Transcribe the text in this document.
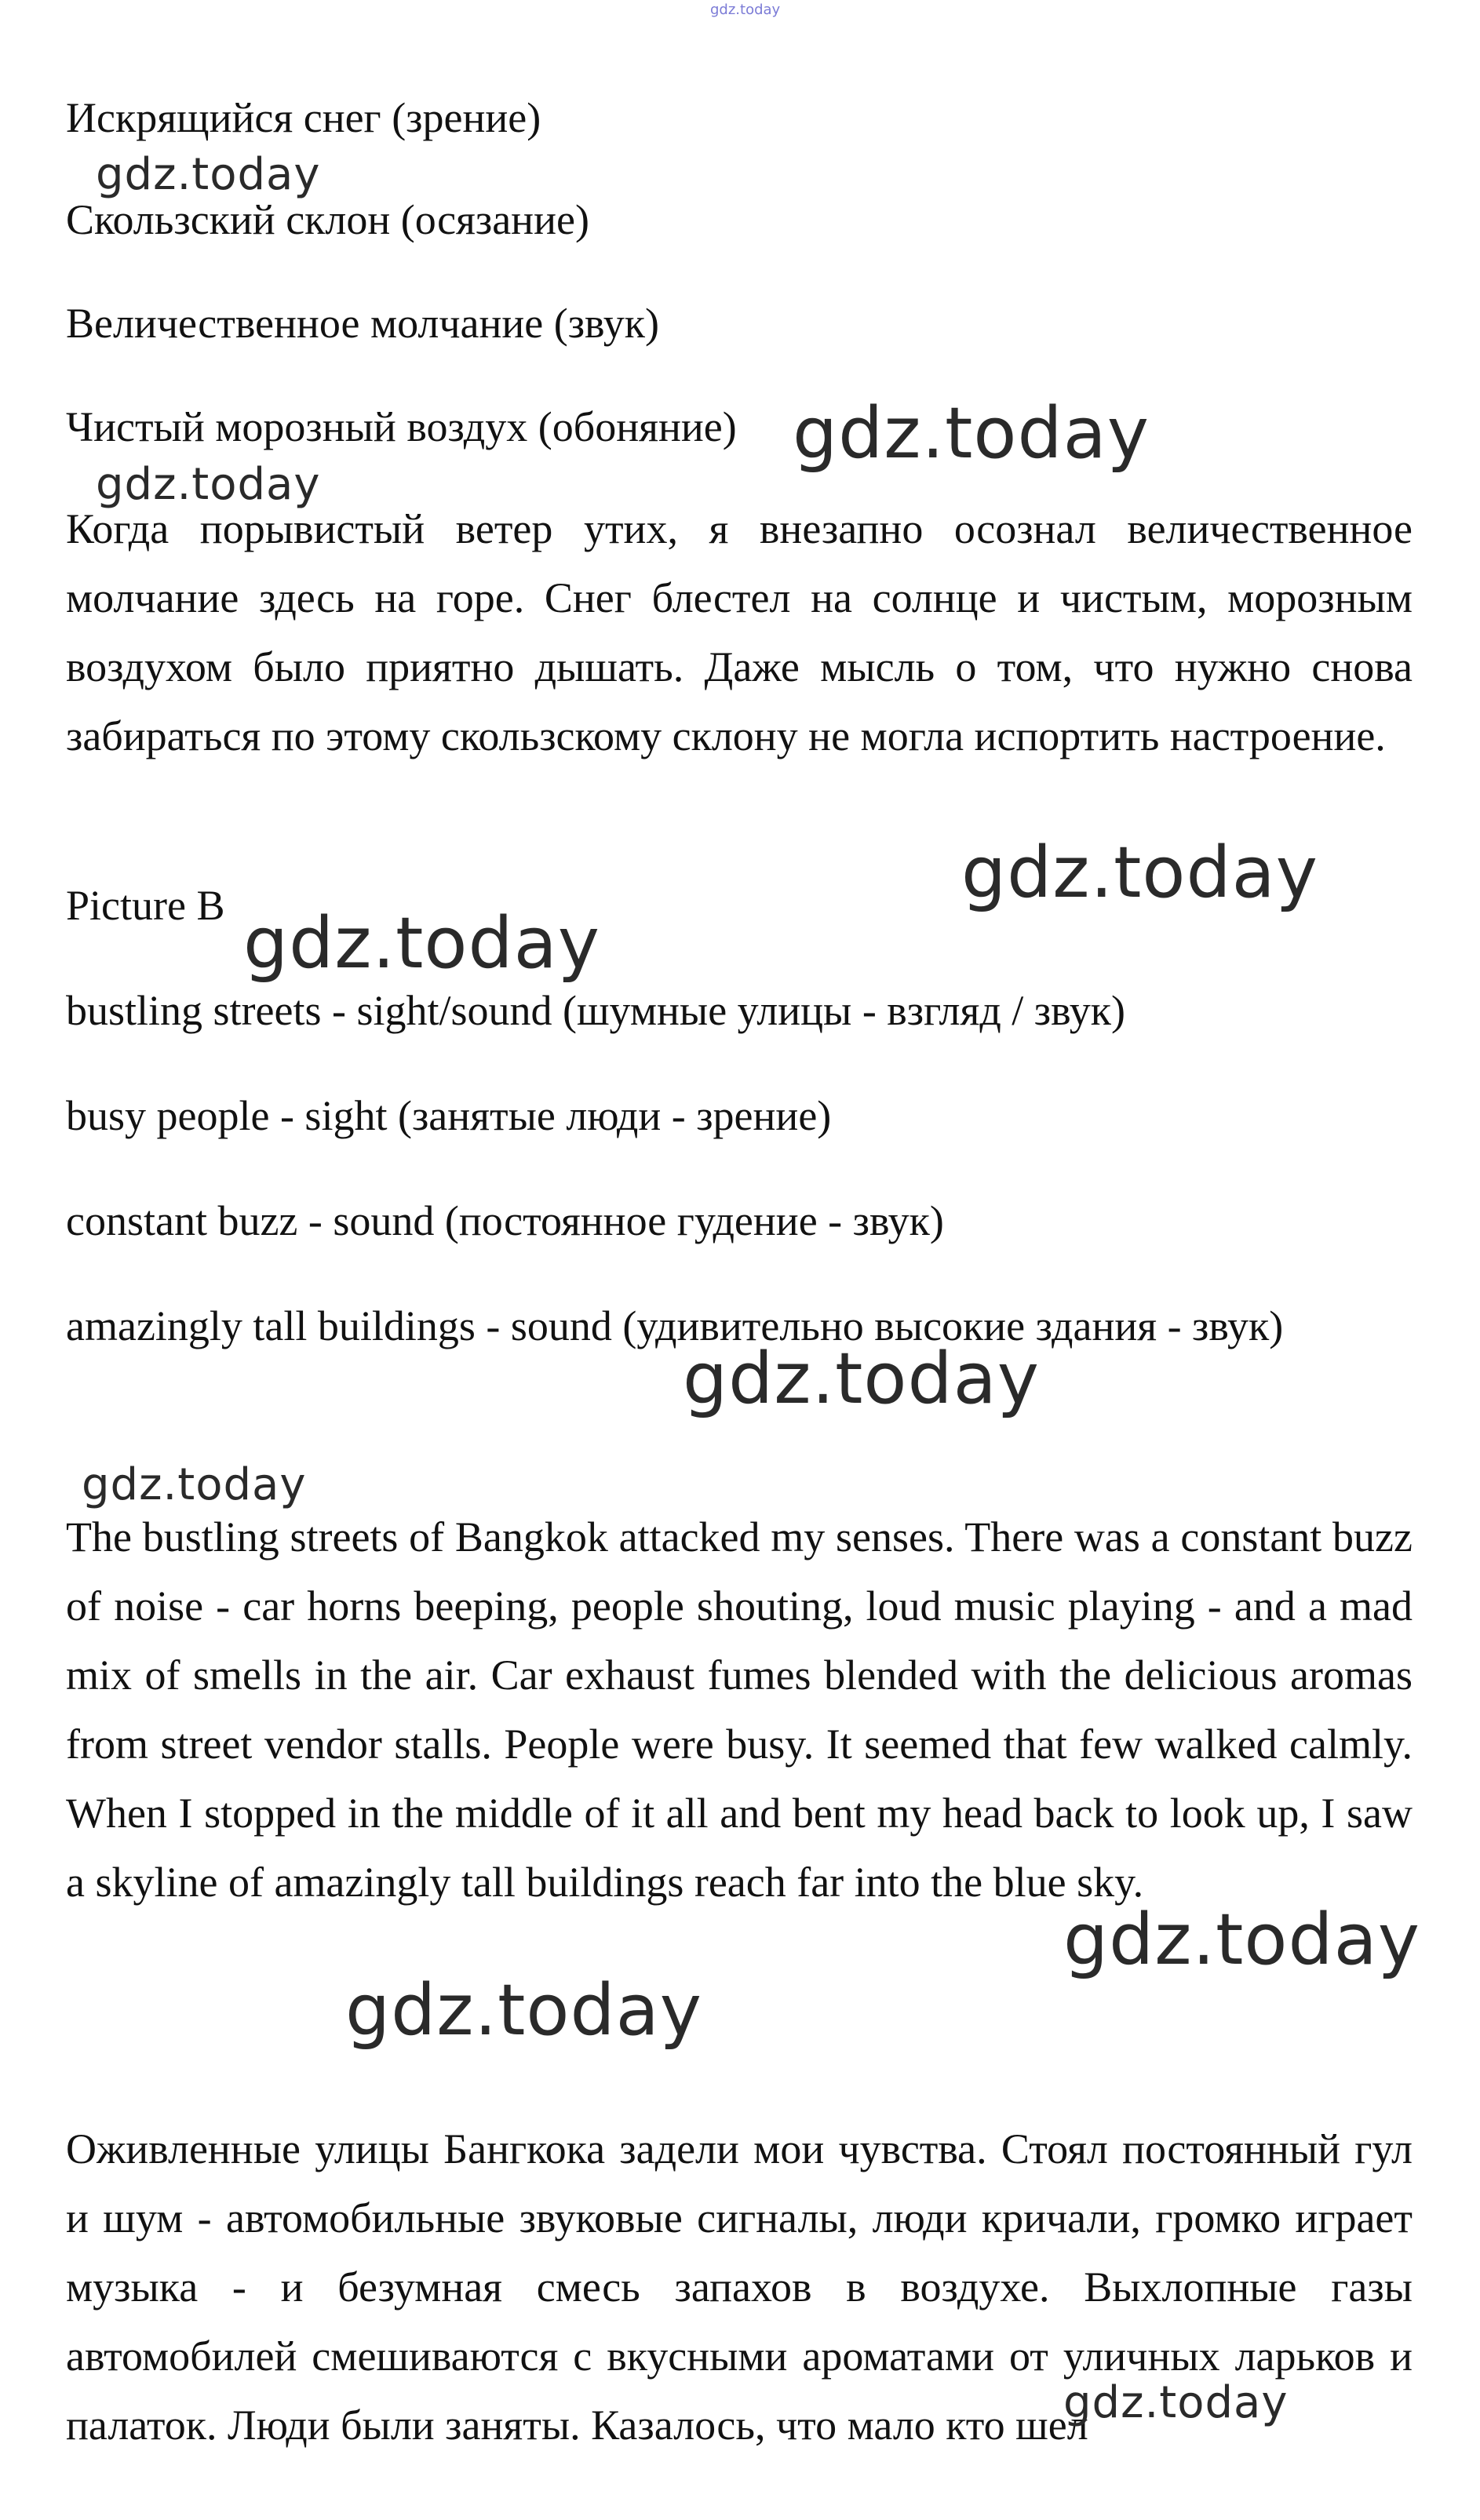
gdz.today
Искрящийся снег (зрение)
Скользский склон (осязание)
Величественное молчание (звук)
Чистый морозный воздух (обоняние)
Когда порывистый ветер утих, я внезапно осознал величественное молчание здесь на горе. Снег блестел на солнце и чистым, морозным воздухом было приятно дышать. Даже мысль о том, что нужно снова забираться по этому скользскому склону не могла испортить настроение.
Picture B
bustling streets - sight/sound (шумные улицы - взгляд / звук)
busy people - sight (занятые люди - зрение)
constant buzz - sound (постоянное гудение - звук)
amazingly tall buildings - sound (удивительно высокие здания - звук)
The bustling streets of Bangkok attacked my senses. There was a constant buzz of noise - car horns beeping, people shouting, loud music playing - and a mad mix of smells in the air. Car exhaust fumes blended with the delicious aromas from street vendor stalls. People were busy. It seemed that few walked calmly. When I stopped in the middle of it all and bent my head back to look up, I saw a skyline of amazingly tall buildings reach far into the blue sky.
Оживленные улицы Бангкока задели мои чувства. Стоял постоянный гул и шум - автомобильные звуковые сигналы, люди кричали, громко играет музыка - и безумная смесь запахов в воздухе. Выхлопные газы автомобилей смешиваются с вкусными ароматами от уличных ларьков и палаток. Люди были заняты. Казалось, что мало кто шел
gdz.today
gdz.today
gdz.today
gdz.today
gdz.today
gdz.today
gdz.today
gdz.today
gdz.today
gdz.today
